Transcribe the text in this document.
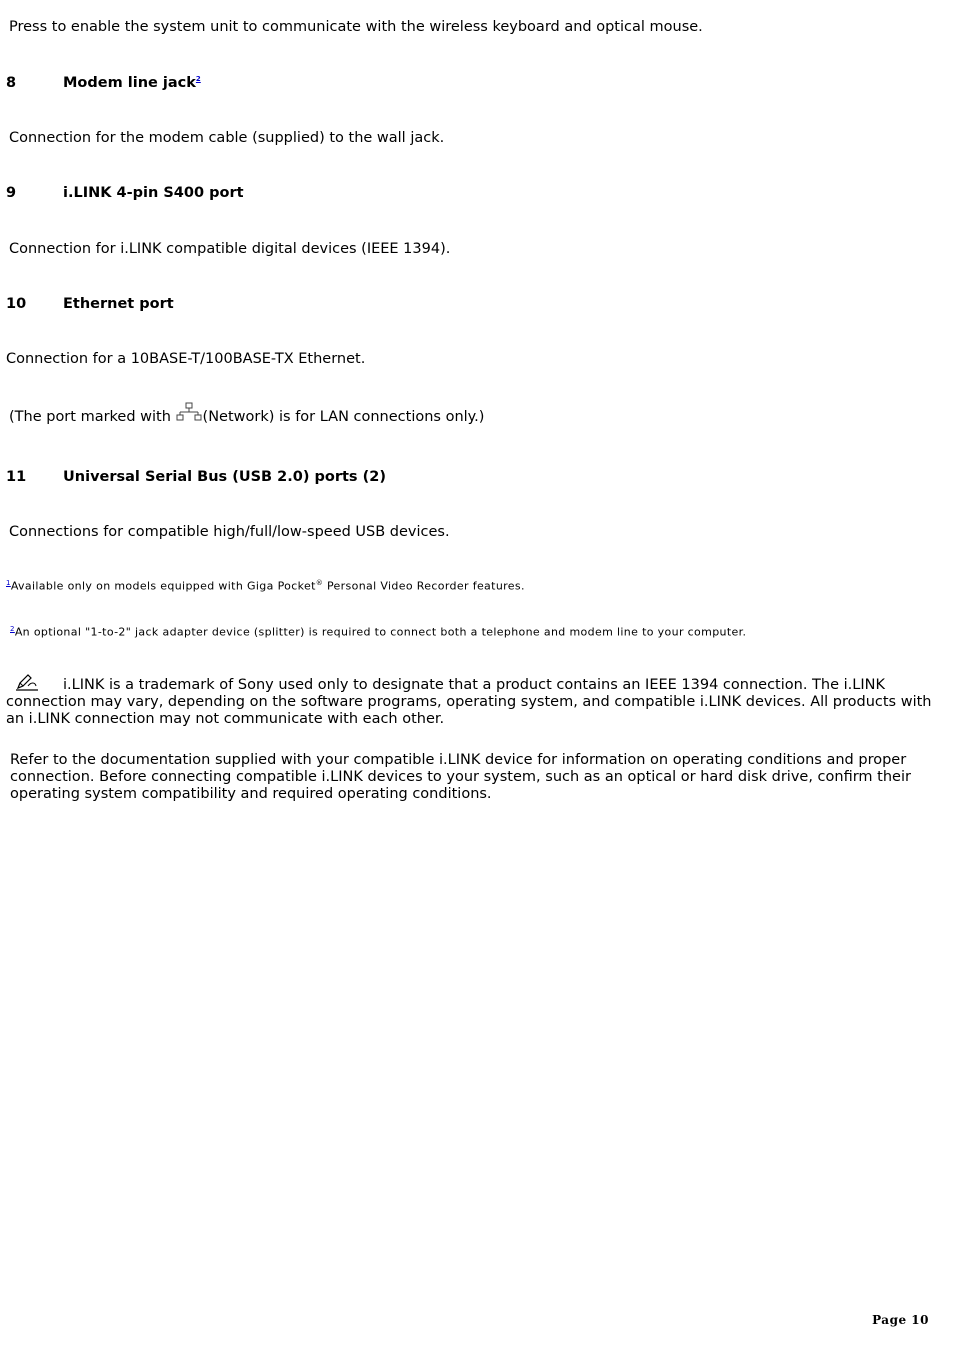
Press to enable the system unit to communicate with the wireless keyboard and optical mouse.
8	Modem line jack$^2$
Connection for the modem cable (supplied) to the wall jack.
9	i.LINK 4-pin S400 port
Connection for i.LINK compatible digital devices (IEEE 1394).
10	Ethernet port
Connection for a 10BASE-T/100BASE-TX Ethernet.
(The port marked with (Network) is for LAN connections only.)
11	Universal Serial Bus (USB 2.0) ports (2)
Connections for compatible high/full/low-speed USB devices.
$^1$Available only on models equipped with Giga Pocket® Personal Video Recorder features.
$^2$An optional "1-to-2" jack adapter device (splitter) is required to connect both a telephone and modem line to your computer.
i.LINK is a trademark of Sony used only to designate that a product contains an IEEE 1394 connection. The i.LINK connection may vary, depending on the software programs, operating system, and compatible i.LINK devices. All products with an i.LINK connection may not communicate with each other.
Refer to the documentation supplied with your compatible i.LINK device for information on operating conditions and proper connection. Before connecting compatible i.LINK devices to your system, such as an optical or hard disk drive, confirm their operating system compatibility and required operating conditions.
Page 10
